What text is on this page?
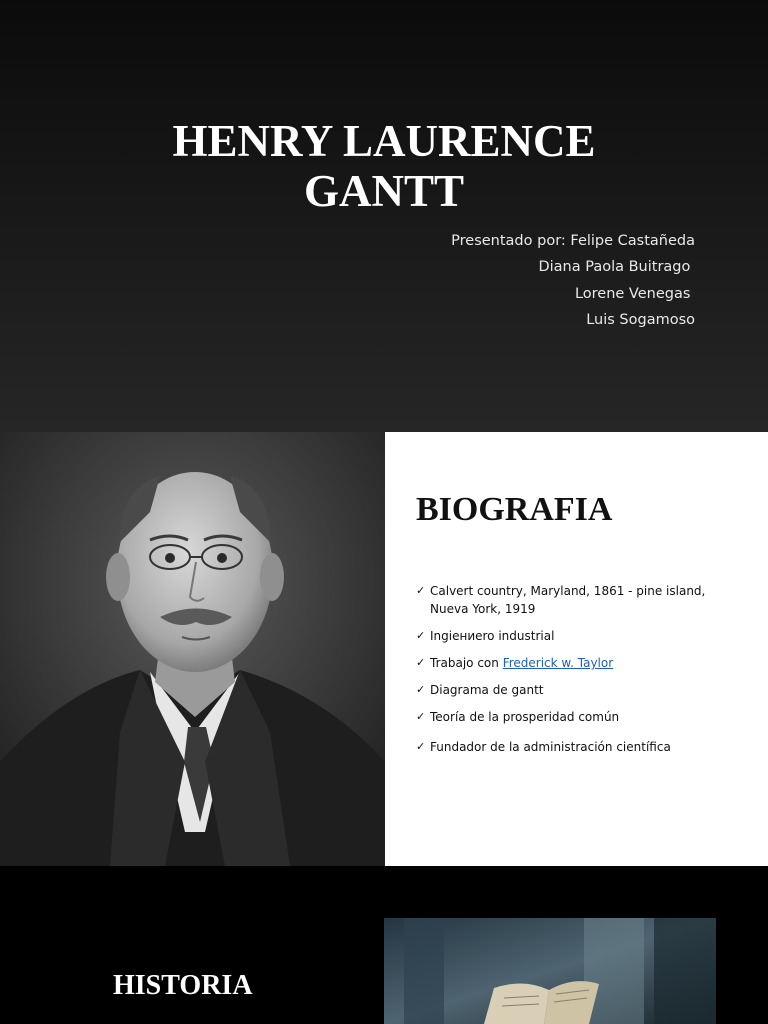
HENRY LAURENCE
GANTT
Presentado por: Felipe Castañeda
Diana Paola Buitrago
Lorene Venegas
Luis Sogamoso
BIOGRAFIA
✓ Calvert country, Maryland, 1861 - pine island, Nueva York, 1919
✓ Ingiениеro industrial
✓ Trabajo con Frederick w. Taylor
✓ Diagrama de gantt
✓ Teoría de la prosperidad común
✓ Fundador de la administración científica
HISTORIA
